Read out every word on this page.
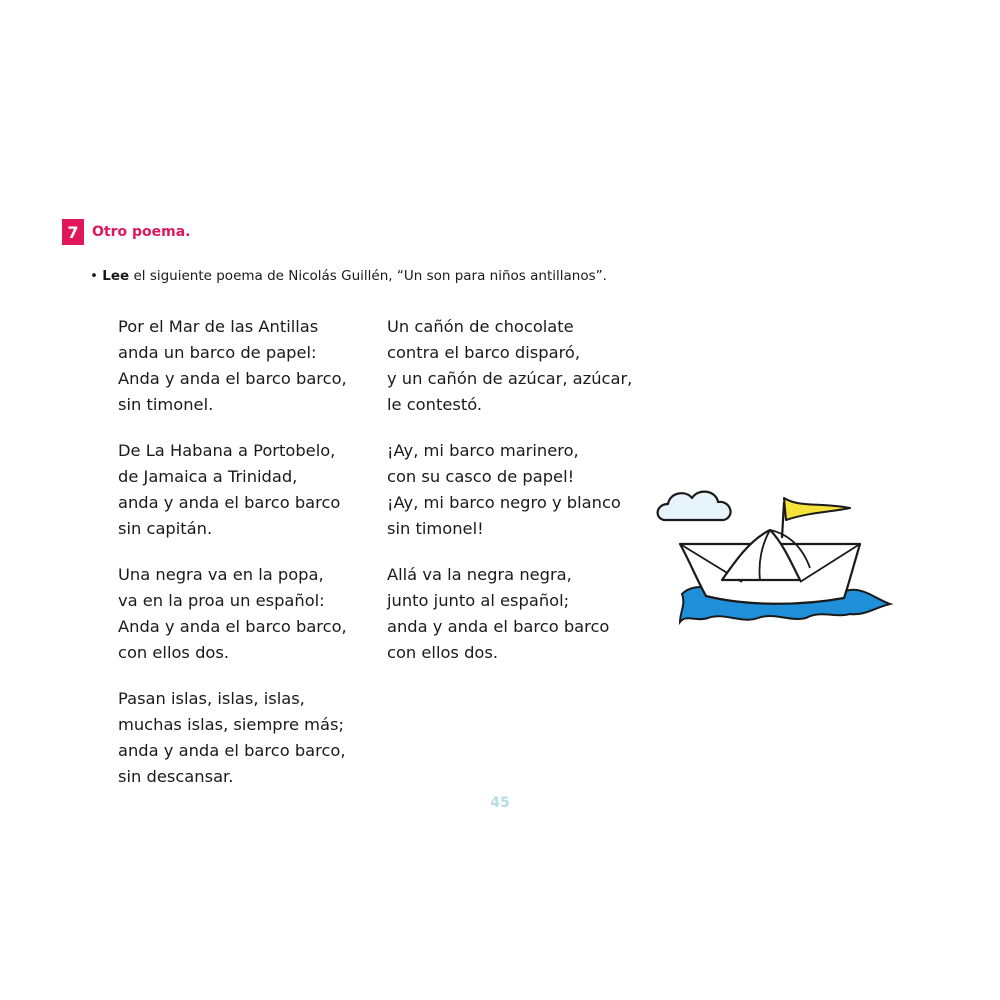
7 Otro poema.
• Lee el siguiente poema de Nicolás Guillén, “Un son para niños antillanos”.
Por el Mar de las Antillas
anda un barco de papel:
Anda y anda el barco barco,
sin timonel.
De La Habana a Portobelo,
de Jamaica a Trinidad,
anda y anda el barco barco
sin capitán.
Una negra va en la popa,
va en la proa un español:
Anda y anda el barco barco,
con ellos dos.
Pasan islas, islas, islas,
muchas islas, siempre más;
anda y anda el barco barco,
sin descansar.
Un cañón de chocolate
contra el barco disparó,
y un cañón de azúcar, azúcar,
le contestó.
¡Ay, mi barco marinero,
con su casco de papel!
¡Ay, mi barco negro y blanco
sin timonel!
Allá va la negra negra,
junto junto al español;
anda y anda el barco barco
con ellos dos.
45
